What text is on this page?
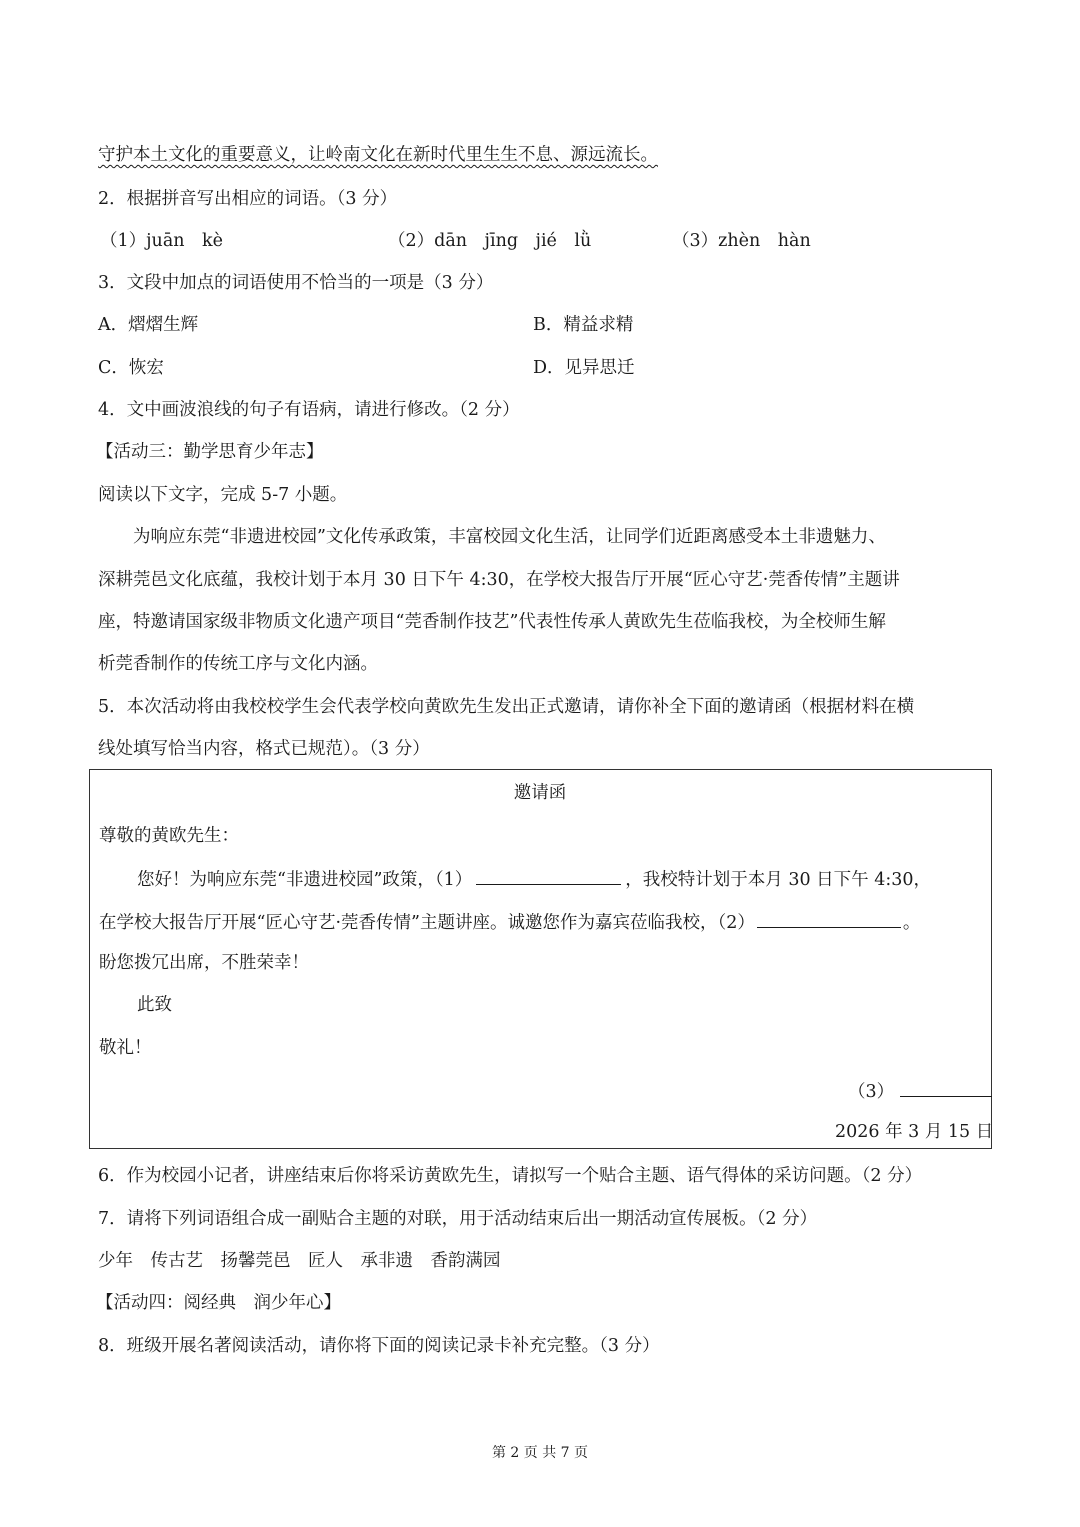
守护本土文化的重要意义，让岭南文化在新时代里生生不息、源远流长。
2．根据拼音写出相应的词语。（3 分）
（1）juān　kè	（2）dān　jīng　jié　lǜ	（3）zhèn　hàn
3．文段中加点的词语使用不恰当的一项是（3 分）
A．熠熠生辉	B．精益求精
C．恢宏	D．见异思迁
4．文中画波浪线的句子有语病，请进行修改。（2 分）
【活动三：勤学思育少年志】
阅读以下文字，完成 5-7 小题。
为响应东莞“非遗进校园”文化传承政策，丰富校园文化生活，让同学们近距离感受本土非遗魅力、
深耕莞邑文化底蕴，我校计划于本月 30 日下午 4:30，在学校大报告厅开展“匠心守艺·莞香传情”主题讲
座，特邀请国家级非物质文化遗产项目“莞香制作技艺”代表性传承人黄欧先生莅临我校，为全校师生解
析莞香制作的传统工序与文化内涵。
5．本次活动将由我校校学生会代表学校向黄欧先生发出正式邀请，请你补全下面的邀请函（根据材料在横
线处填写恰当内容，格式已规范）。（3 分）
邀请函
尊敬的黄欧先生：
您好！为响应东莞“非遗进校园”政策，（1）	，我校特计划于本月 30 日下午 4:30，
在学校大报告厅开展“匠心守艺·莞香传情”主题讲座。诚邀您作为嘉宾莅临我校，（2）	。
盼您拨冗出席，不胜荣幸！
此致
敬礼！
（3）
2026 年 3 月 15 日
6．作为校园小记者，讲座结束后你将采访黄欧先生，请拟写一个贴合主题、语气得体的采访问题。（2 分）
7．请将下列词语组合成一副贴合主题的对联，用于活动结束后出一期活动宣传展板。（2 分）
少年　传古艺　扬馨莞邑　匠人　承非遗　香韵满园
【活动四：阅经典　润少年心】
8．班级开展名著阅读活动，请你将下面的阅读记录卡补充完整。（3 分）
第 2 页 共 7 页
